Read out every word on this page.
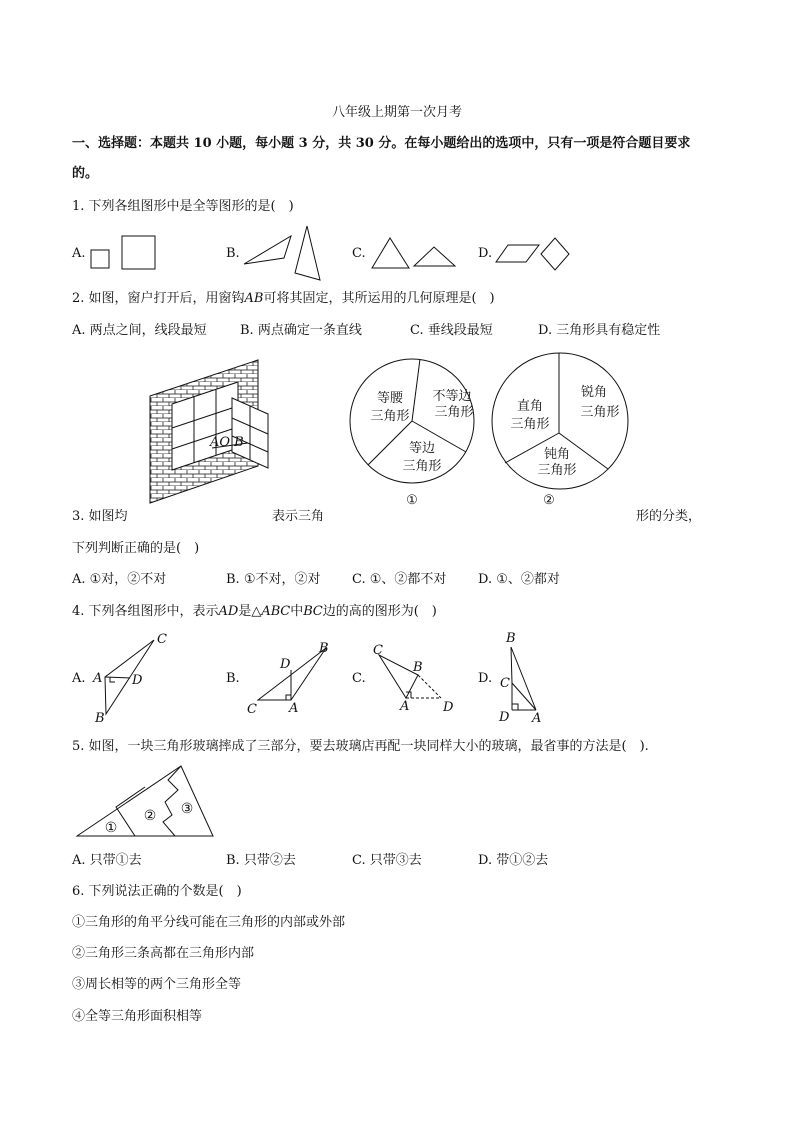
八年级上期第一次月考
一、选择题：本题共 10 小题，每小题 3 分，共 30 分。在每小题给出的选项中，只有一项是符合题目要求
的。
1. 下列各组图形中是全等图形的是(　)
A.	B.	C.	D.
2. 如图，窗户打开后，用窗钩𝐴𝐵可将其固定，其所运用的几何原理是(　)
A. 两点之间，线段最短	B. 两点确定一条直线	C. 垂线段最短	D. 三角形具有稳定性
AO B
等腰
三角形
不等边
三角形
等边
三角形
①
直角
三角形
锐角
三角形
钝角
三角形
②
3. 如图均	表示三角	形的分类，
下列判断正确的是(　)
A. ①对，②不对	B. ①不对，②对 C. ①、②都不对 D. ①、②都对
4. 下列各组图形中，表示𝐴𝐷是△𝐴𝐵𝐶中𝐵𝐶边的高的图形为(　)
A.	B.	C.	D.
C
A D
B
B
D
C A
C
B
A	D
B
C
D A
5. 如图，一块三角形玻璃摔成了三部分，要去玻璃店再配一块同样大小的玻璃，最省事的方法是(　).
①
② ③
A. 只带①去	B. 只带②去	C. 只带③去	D. 带①②去
6. 下列说法正确的个数是(　)
①三角形的角平分线可能在三角形的内部或外部
②三角形三条高都在三角形内部
③周长相等的两个三角形全等
④全等三角形面积相等
